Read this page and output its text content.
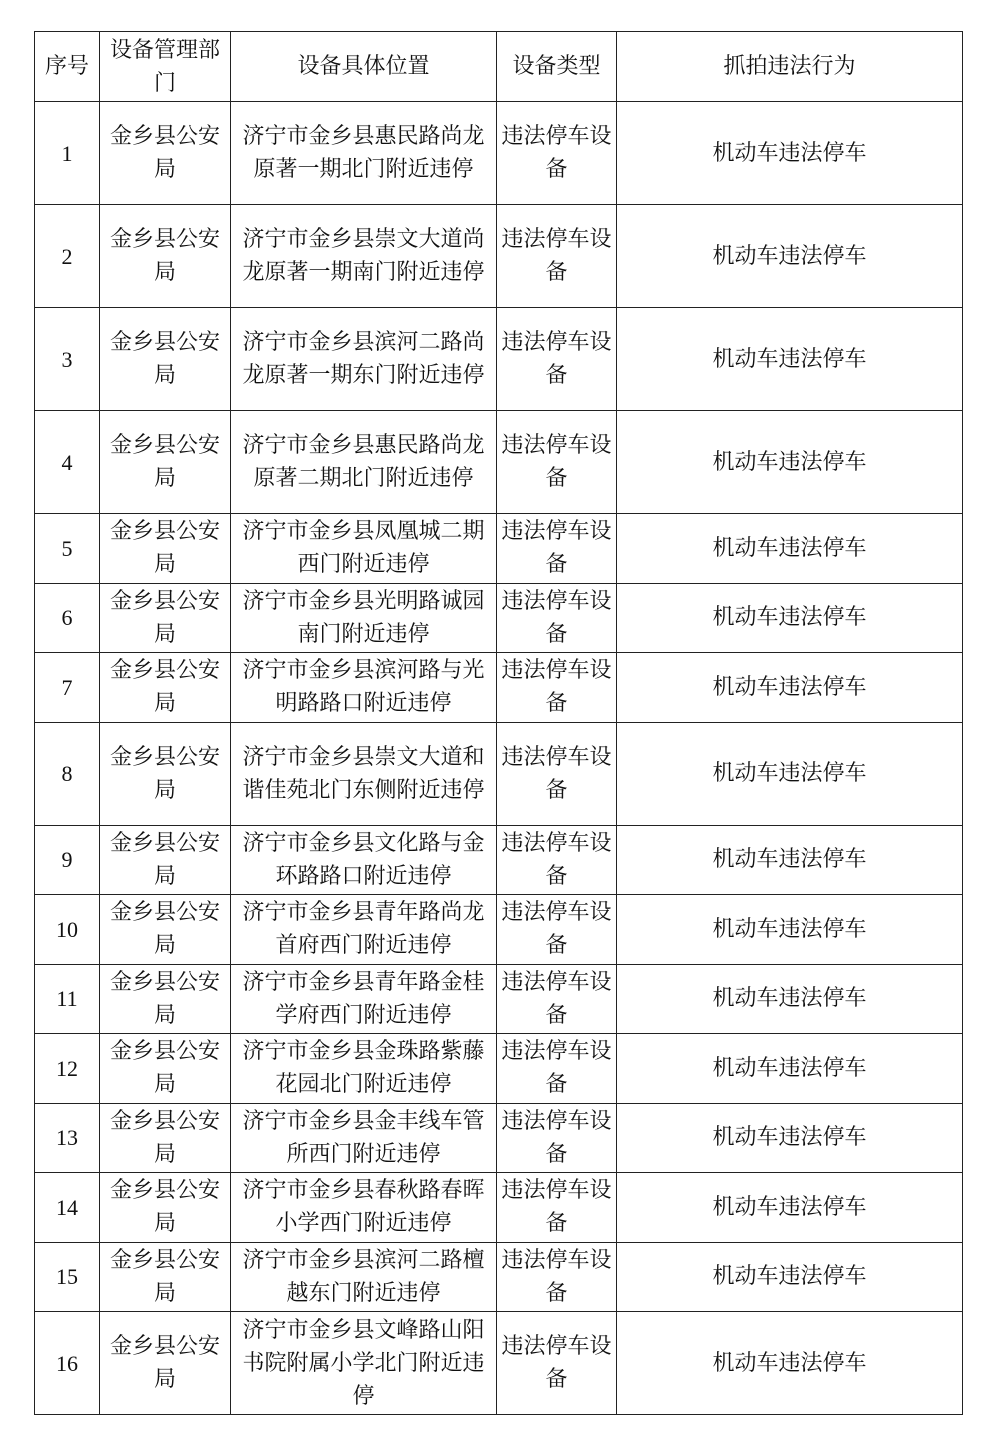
序号	设备管理部门	设备具体位置	设备类型	抓拍违法行为
1	金乡县公安局	济宁市金乡县惠民路尚龙原著一期北门附近违停	违法停车设备	机动车违法停车
2	金乡县公安局	济宁市金乡县崇文大道尚龙原著一期南门附近违停	违法停车设备	机动车违法停车
3	金乡县公安局	济宁市金乡县滨河二路尚龙原著一期东门附近违停	违法停车设备	机动车违法停车
4	金乡县公安局	济宁市金乡县惠民路尚龙原著二期北门附近违停	违法停车设备	机动车违法停车
5	金乡县公安局	济宁市金乡县凤凰城二期西门附近违停	违法停车设备	机动车违法停车
6	金乡县公安局	济宁市金乡县光明路诚园南门附近违停	违法停车设备	机动车违法停车
7	金乡县公安局	济宁市金乡县滨河路与光明路路口附近违停	违法停车设备	机动车违法停车
8	金乡县公安局	济宁市金乡县崇文大道和谐佳苑北门东侧附近违停	违法停车设备	机动车违法停车
9	金乡县公安局	济宁市金乡县文化路与金环路路口附近违停	违法停车设备	机动车违法停车
10	金乡县公安局	济宁市金乡县青年路尚龙首府西门附近违停	违法停车设备	机动车违法停车
11	金乡县公安局	济宁市金乡县青年路金桂学府西门附近违停	违法停车设备	机动车违法停车
12	金乡县公安局	济宁市金乡县金珠路紫藤花园北门附近违停	违法停车设备	机动车违法停车
13	金乡县公安局	济宁市金乡县金丰线车管所西门附近违停	违法停车设备	机动车违法停车
14	金乡县公安局	济宁市金乡县春秋路春晖小学西门附近违停	违法停车设备	机动车违法停车
15	金乡县公安局	济宁市金乡县滨河二路檀越东门附近违停	违法停车设备	机动车违法停车
16	金乡县公安局	济宁市金乡县文峰路山阳书院附属小学北门附近违停	违法停车设备	机动车违法停车
